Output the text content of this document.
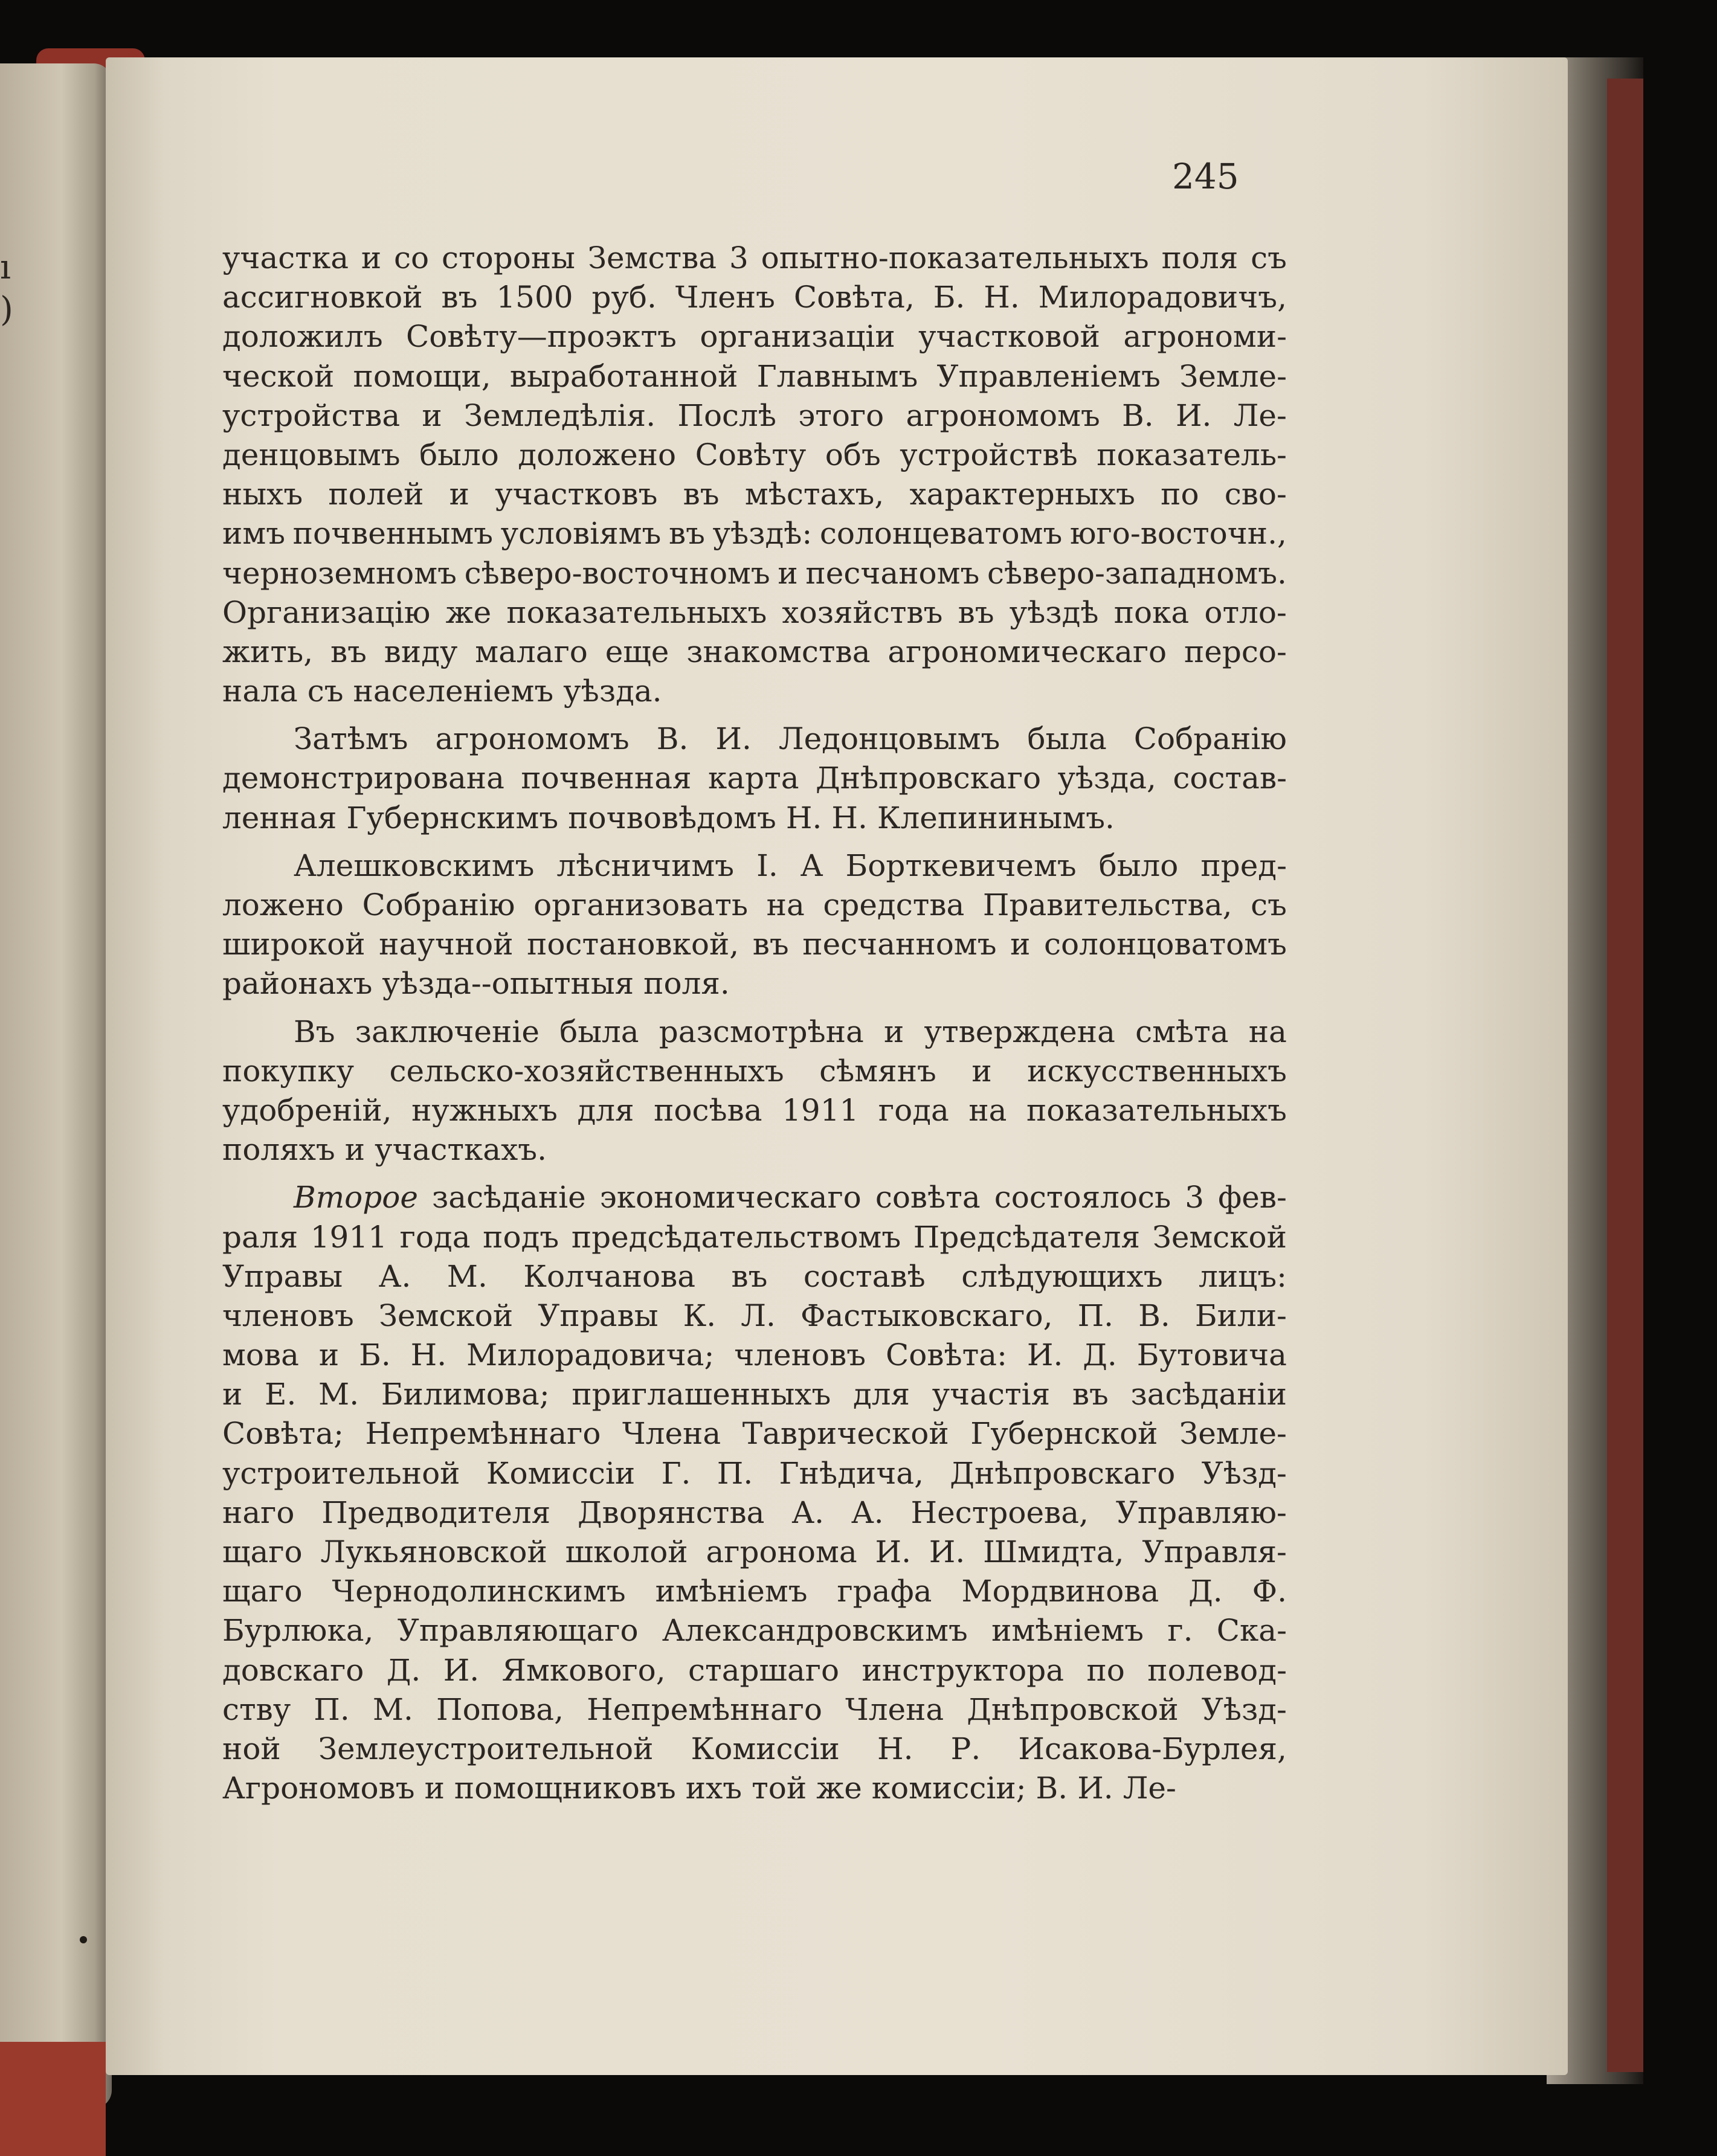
ı
)
245
участка и со стороны Земства 3 опытно-показательныхъ поля съ
ассигновкой въ 1500 руб. Членъ Совѣта, Б. Н. Милорадовичъ,
доложилъ Совѣту—проэктъ организацiи участковой агрономи-
ческой помощи, выработанной Главнымъ Управленiемъ Земле-
устройства и Земледѣлія. Послѣ этого агрономомъ В. И. Ле-
денцовымъ было доложено Совѣту объ устройствѣ показатель-
ныхъ полей и участковъ въ мѣстахъ, характерныхъ по сво-
имъ почвеннымъ условіямъ въ уѣздѣ: солонцеватомъ юго-восточн.,
черноземномъ сѣверо-восточномъ и песчаномъ сѣверо-западномъ.
Организацію же показательныхъ хозяйствъ въ уѣздѣ пока отло-
жить, въ виду малаго еще знакомства агрономическаго персо-
нала съ населеніемъ уѣзда.
Затѣмъ агрономомъ В. И. Ледонцовымъ была Собранію
демонстрирована почвенная карта Днѣпровскаго уѣзда, состав-
ленная Губернскимъ почвовѣдомъ Н. Н. Клепининымъ.
Алешковскимъ лѣсничимъ І. А Борткевичемъ было пред-
ложено Собранію организовать на средства Правительства, съ
широкой научной постановкой, въ песчанномъ и солонцоватомъ
районахъ уѣзда--опытныя поля.
Въ заключеніе была разсмотрѣна и утверждена смѣта на
покупку сельско-хозяйственныхъ сѣмянъ и искусственныхъ
удобреній, нужныхъ для посѣва 1911 года на показательныхъ
поляхъ и участкахъ.
Второе засѣданіе экономическаго совѣта состоялось 3 фев-
раля 1911 года подъ предсѣдательствомъ Предсѣдателя Земской
Управы А. М. Колчанова въ составѣ слѣдующихъ лицъ:
членовъ Земской Управы К. Л. Фастыковскаго, П. В. Били-
мова и Б. Н. Милорадовича; членовъ Совѣта: И. Д. Бутовича
и Е. М. Билимова; приглашенныхъ для участія въ засѣданіи
Совѣта; Непремѣннаго Члена Таврической Губернской Земле-
устроительной Комиссіи Г. П. Гнѣдича, Днѣпровскаго Уѣзд-
наго Предводителя Дворянства А. А. Нестроева, Управляю-
щаго Лукьяновской школой агронома И. И. Шмидта, Управля-
щаго Чернодолинскимъ имѣніемъ графа Мордвинова Д. Ф.
Бурлюка, Управляющаго Александровскимъ имѣніемъ г. Ска-
довскаго Д. И. Ямкового, старшаго инструктора по полевод-
ству П. М. Попова, Непремѣннаго Члена Днѣпровской Уѣзд-
ной Землеустроительной Комиссіи Н. Р. Исакова-Бурлея,
Агрономовъ и помощниковъ ихъ той же комиссіи; В. И. Ле-
